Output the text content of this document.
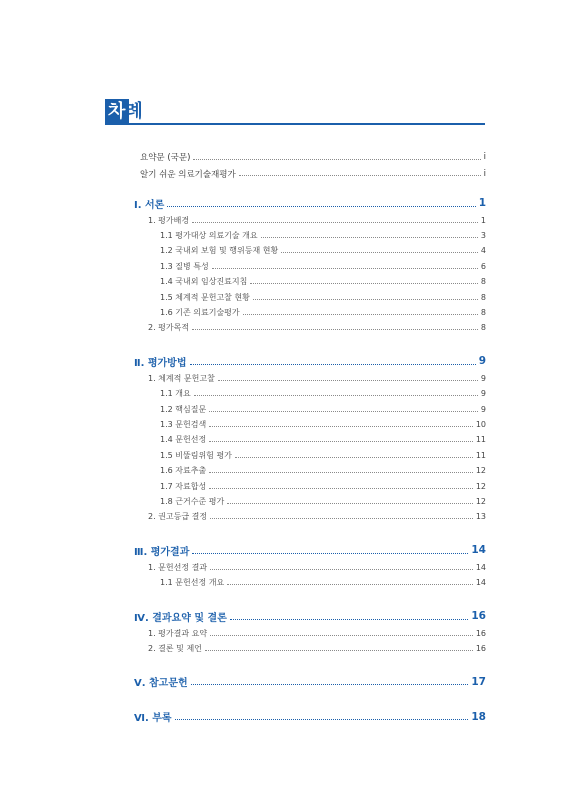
차례
요약문 (국문)	i
알기 쉬운 의료기술재평가	i
Ⅰ. 서론	1
1. 평가배경	1
1.1 평가대상 의료기술 개요	3
1.2 국내외 보험 및 행위등재 현황	4
1.3 질병 특성	6
1.4 국내외 임상진료지침	8
1.5 체계적 문헌고찰 현황	8
1.6 기존 의료기술평가	8
2. 평가목적	8
Ⅱ. 평가방법	9
1. 체계적 문헌고찰	9
1.1 개요	9
1.2 핵심질문	9
1.3 문헌검색	10
1.4 문헌선정	11
1.5 비뚤림위험 평가	11
1.6 자료추출	12
1.7 자료합성	12
1.8 근거수준 평가	12
2. 권고등급 결정	13
Ⅲ. 평가결과	14
1. 문헌선정 결과	14
1.1 문헌선정 개요	14
Ⅳ. 결과요약 및 결론	16
1. 평가결과 요약	16
2. 결론 및 제언	16
Ⅴ. 참고문헌	17
Ⅵ. 부록	18
